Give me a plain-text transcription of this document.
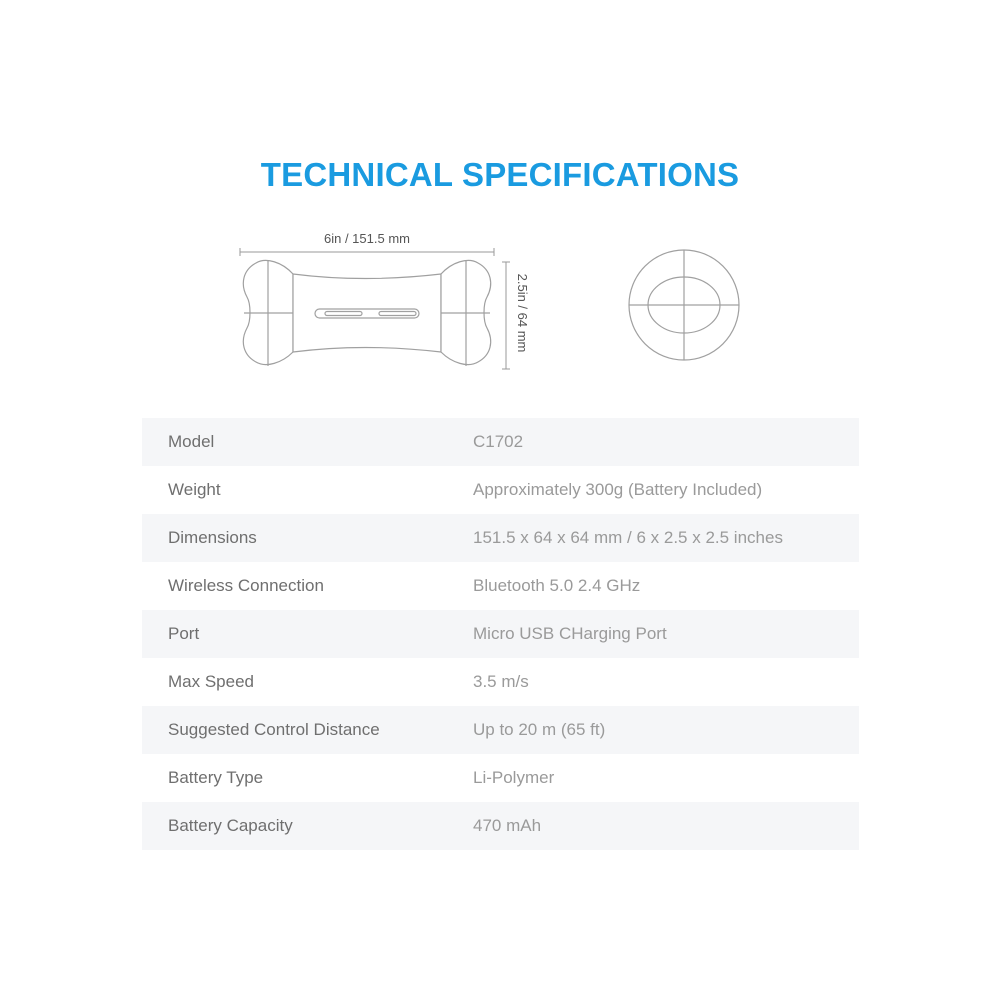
TECHNICAL SPECIFICATIONS
6in / 151.5 mm
2.5in / 64 mm
Model	C1702
Weight	Approximately 300g (Battery Included)
Dimensions	151.5 x 64 x 64 mm / 6 x 2.5 x 2.5 inches
Wireless Connection	Bluetooth 5.0 2.4 GHz
Port	Micro USB CHarging Port
Max Speed	3.5 m/s
Suggested Control Distance	Up to 20 m (65 ft)
Battery Type	Li-Polymer
Battery Capacity	470 mAh
